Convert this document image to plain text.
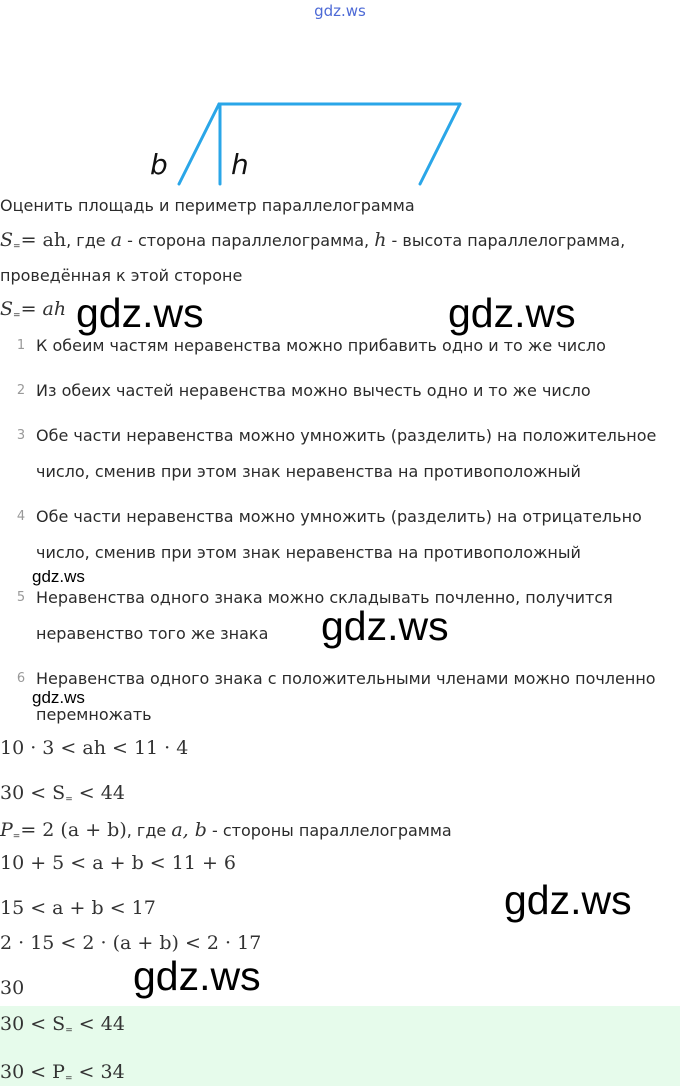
gdz.ws
b h
Оценить площадь и периметр параллелограмма
$S_==$ ah, где a - сторона параллелограмма, h - высота параллелограмма,
проведённая к этой стороне
$S_==$ ah
1 К обеим частям неравенства можно прибавить одно и то же число
2 Из обеих частей неравенства можно вычесть одно и то же число
3 Обе части неравенства можно умножить (разделить) на положительное
число, сменив при этом знак неравенства на противоположный
4 Обе части неравенства можно умножить (разделить) на отрицательно
число, сменив при этом знак неравенства на противоположный
5 Неравенства одного знака можно складывать почленно, получится
неравенство того же знака
6 Неравенства одного знака с положительными членами можно почленно
перемножать
10 · 3 < ah < 11 · 4
$30 < S_= < 44$
$P_== 2$ (a + b), где a, b - стороны параллелограмма
10 + 5 < a + b < 11 + 6
15 < a + b < 17
2 · 15 < 2 · (a + b) < 2 · 17
30
$30 < S_= < 44$
$30 < P_= < 34$
gdz.ws	gdz.ws
gdz.ws
gdz.ws
gdz.ws
gdz.ws
gdz.ws
